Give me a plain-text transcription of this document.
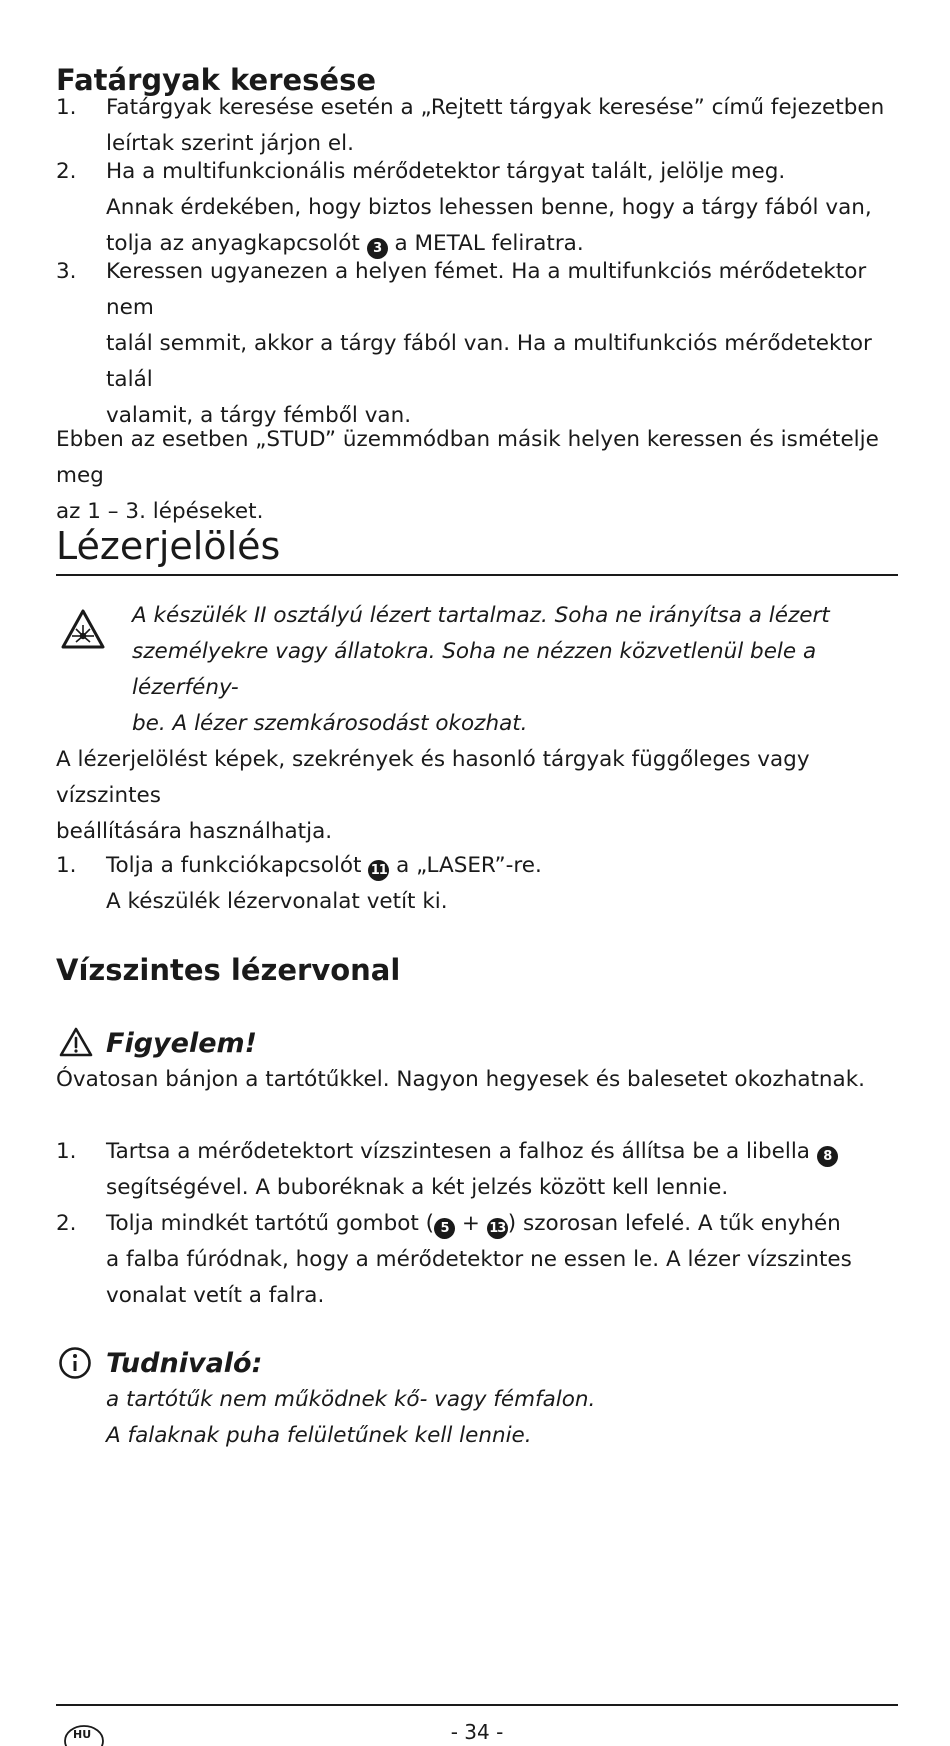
Fatárgyak keresése
1. Fatárgyak keresése esetén a „Rejtett tárgyak keresése” című fejezetben
leírtak szerint járjon el.
2. Ha a multifunkcionális mérődetektor tárgyat talált, jelölje meg.
Annak érdekében, hogy biztos lehessen benne, hogy a tárgy fából van,
tolja az anyagkapcsolót 3 a METAL feliratra.
3. Keressen ugyanezen a helyen fémet. Ha a multifunkciós mérődetektor nem
talál semmit, akkor a tárgy fából van. Ha a multifunkciós mérődetektor talál
valamit, a tárgy fémből van.
Ebben az esetben „STUD” üzemmódban másik helyen keressen és ismételje meg
az 1 – 3. lépéseket.
Lézerjelölés
A készülék II osztályú lézert tartalmaz. Soha ne irányítsa a lézert
személyekre vagy állatokra. Soha ne nézzen közvetlenül bele a lézerfény-
be. A lézer szemkárosodást okozhat.
A lézerjelölést képek, szekrények és hasonló tárgyak függőleges vagy vízszintes
beállítására használhatja.
1. Tolja a funkciókapcsolót 11 a „LASER”-re.
A készülék lézervonalat vetít ki.
Vízszintes lézervonal
Figyelem!
Óvatosan bánjon a tartótűkkel. Nagyon hegyesek és balesetet okozhatnak.
1. Tartsa a mérődetektort vízszintesen a falhoz és állítsa be a libella 8
segítségével. A buboréknak a két jelzés között kell lennie.
2. Tolja mindkét tartótű gombot ( 5 + 13 ) szorosan lefelé. A tűk enyhén
a falba fúródnak, hogy a mérődetektor ne essen le. A lézer vízszintes
vonalat vetít a falra.
Tudnivaló:
a tartótűk nem működnek kő- vagy fémfalon.
A falaknak puha felületűnek kell lennie.
HU	- 34 -
